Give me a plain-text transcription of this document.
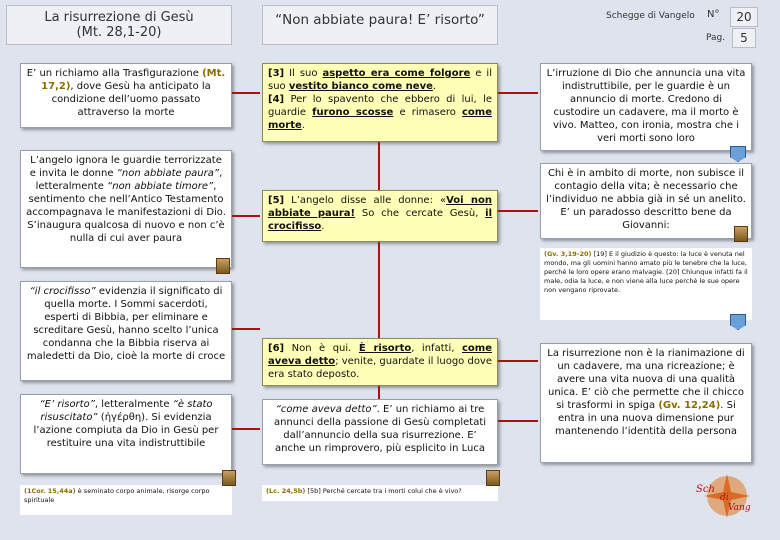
La risurrezione di Gesù
(Mt. 28,1-20)
“Non abbiate paura! E’ risorto”	Schegge di Vangelo N°	20
Pag.	5
E’ un richiamo alla Trasfigurazione (Mt. 17,2), dove Gesù ha anticipato la condizione dell’uomo passato attraverso la morte
L’angelo ignora le guardie terrorizzate e invita le donne “non abbiate paura”, letteralmente “non abbiate timore”, sentimento che nell’Antico Testamento accompagnava le manifestazioni di Dio. S’inaugura qualcosa di nuovo e non c’è nulla di cui aver paura
“il crocifisso” evidenzia il significato di quella morte. I Sommi sacerdoti, esperti di Bibbia, per eliminare e screditare Gesù, hanno scelto l’unica condanna che la Bibbia riserva ai maledetti da Dio, cioè la morte di croce
“E’ risorto”, letteralmente “è stato risuscitato” (ἠγέρθη). Si evidenzia l’azione compiuta da Dio in Gesù per restituire una vita indistruttibile
(1Cor. 15,44a) è seminato corpo animale, risorge corpo spirituale
[3] Il suo aspetto era come folgore e il suo vestito bianco come neve.
[4] Per lo spavento che ebbero di lui, le guardie furono scosse e rimasero come morte.
[5] L’angelo disse alle donne: «Voi non abbiate paura! So che cercate Gesù, il crocifisso.
[6] Non è qui. È risorto, infatti, come aveva detto; venite, guardate il luogo dove era stato deposto.
“come aveva detto”. E’ un richiamo ai tre annunci della passione di Gesù completati dall’annuncio della sua risurrezione. E’ anche un rimprovero, più esplicito in Luca
(Lc. 24,5b) [5b] Perché cercate tra i morti colui che è vivo?
L’irruzione di Dio che annuncia una vita indistruttibile, per le guardie è un annuncio di morte. Credono di custodire un cadavere, ma il morto è vivo. Matteo, con ironia, mostra che i veri morti sono loro
Chi è in ambito di morte, non subisce il contagio della vita; è necessario che l’individuo ne abbia già in sé un anelito. E’ un paradosso descritto bene da Giovanni:
(Gv. 3,19-20) [19] E il giudizio è questo: la luce è venuta nel mondo, ma gli uomini hanno amato più le tenebre che la luce, perché le loro opere erano malvagie. [20] Chiunque infatti fa il male, odia la luce, e non viene alla luce perché le sue opere non vengano riprovate.
La risurrezione non è la rianimazione di un cadavere, ma una ricreazione; è avere una vita nuova di una qualità unica. E’ ciò che permette che il chicco si trasformi in spiga (Gv. 12,24). Si entra in una nuova dimensione pur mantenendo l’identità della persona
Sch
di
Vang
